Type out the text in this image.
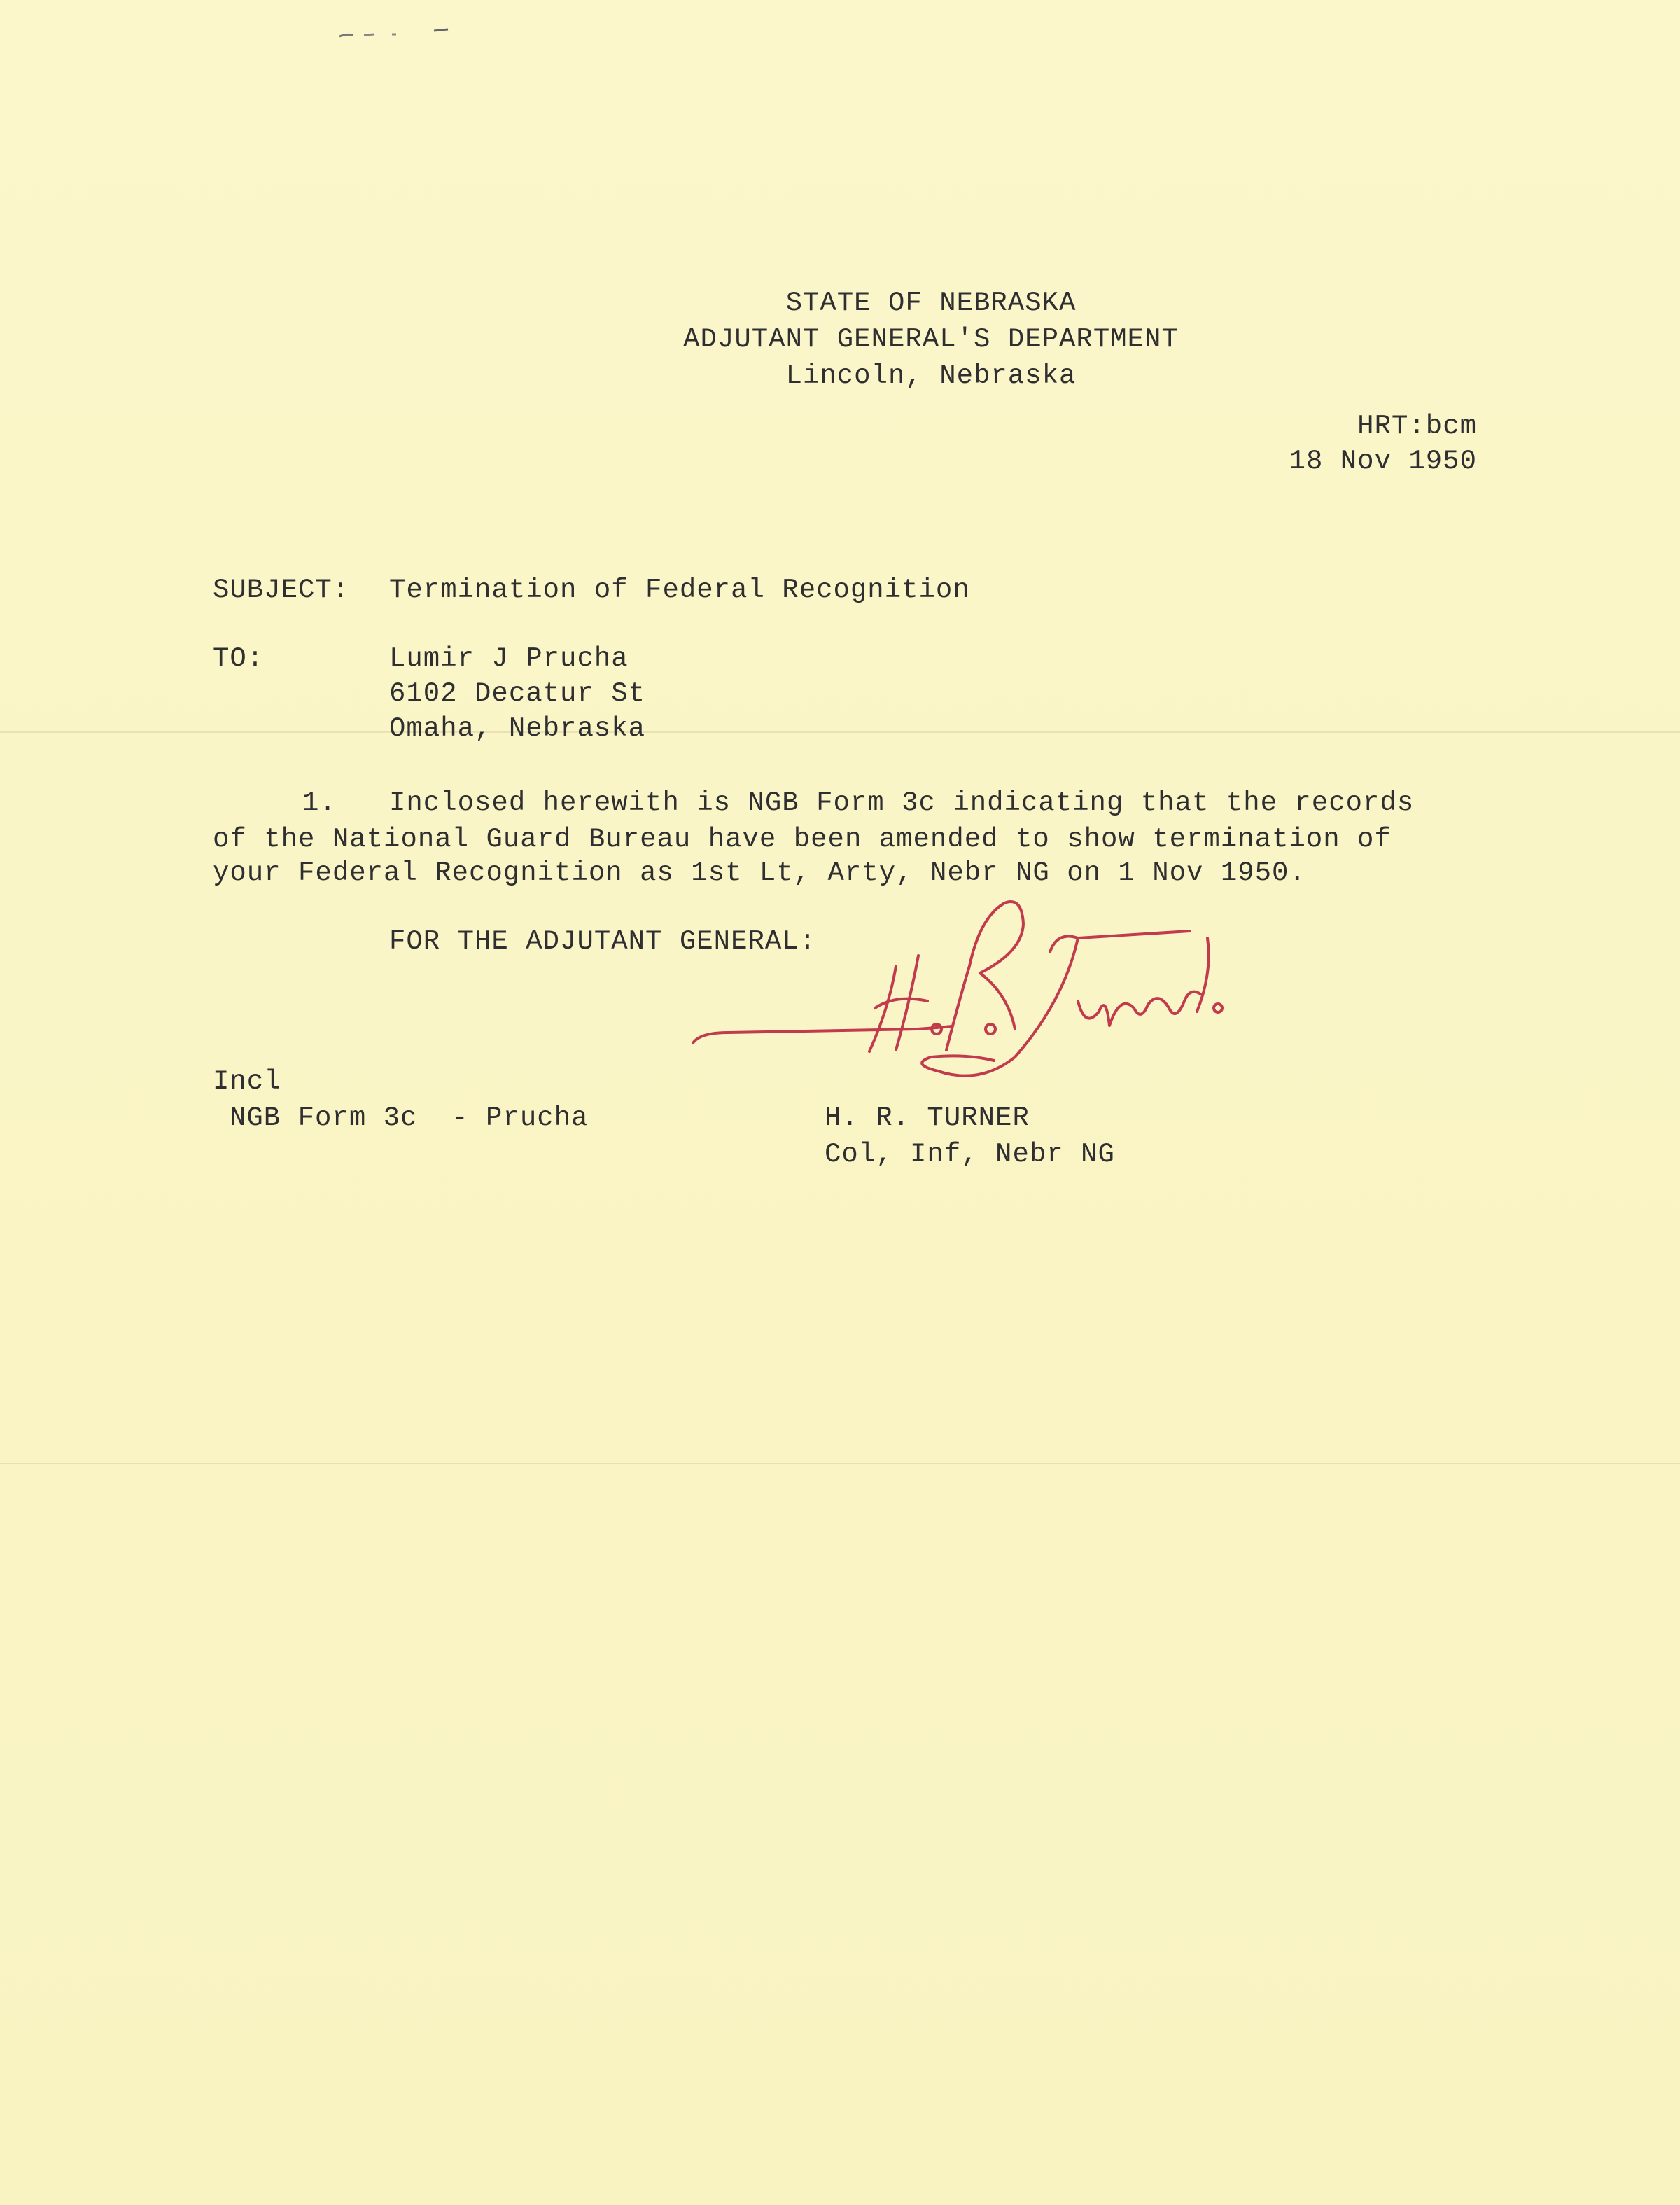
STATE OF NEBRASKA
ADJUTANT GENERAL'S DEPARTMENT
Lincoln, Nebraska
HRT:bcm
18 Nov 1950
SUBJECT: Termination of Federal Recognition
TO:	Lumir J Prucha
6102 Decatur St
Omaha, Nebraska
1. Inclosed herewith is NGB Form 3c indicating that the records
of the National Guard Bureau have been amended to show termination of
your Federal Recognition as 1st Lt, Arty, Nebr NG on 1 Nov 1950.
FOR THE ADJUTANT GENERAL:
Incl
NGB Form 3c  - Prucha	H. R. TURNER
Col, Inf, Nebr NG
